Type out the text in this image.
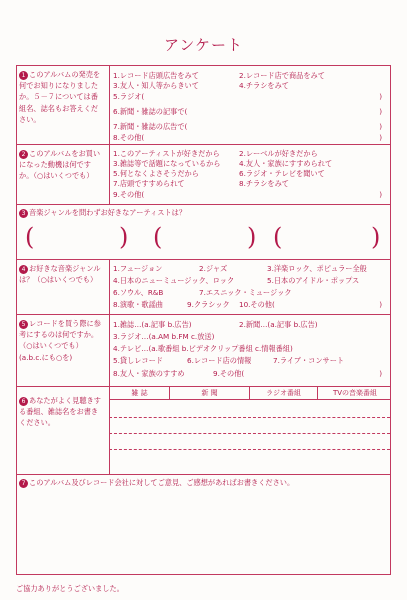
アンケート
1 このアルバムの発売を何でお知りになりましたか。５－７については番組名、誌名もお答えください。
1.レコード店頭広告をみて	2.レコード店で商品をみて
3.友人・知人等からきいて	4.チラシをみて
5.ラジオ(	)
6.新聞・雑誌の記事で(	)
7.新聞・雑誌の広告で(	)
8.その他(	)
2 このアルバムをお買いになった動機は何ですか。（○はいくつでも）
1.このアーティストが好きだから	2.レーベルが好きだから
3.雑誌等で話題になっているから	4.友人・家族にすすめられて
5.何となくよさそうだから	6.ラジオ・テレビを聞いて
7.店頭ですすめられて	8.チラシをみて
9.その他(	)
3 音楽ジャンルを問わずお好きなアーティストは？
(	) (	) (	)
4 お好きな音楽ジャンルは？（○はいくつでも）
1.フュージョン	2.ジャズ	3.洋楽ロック、ポピュラー全般
4.日本のニューミュージック、ロック	5.日本のアイドル・ポップス
6.ソウル、R&B	7.エスニック・ミュージック
8.演歌・歌謡曲	9.クラシック 10.その他(	)
5 レコードを買う際に参考にするのは何ですか。（○はいくつでも）(a.b.c.にも○を)
1.雑誌…(a.記事 b.広告)	2.新聞…(a.記事 b.広告)
3.ラジオ…(a.AM b.FM c.放送)
4.テレビ…(a.歌番組 b.ビデオクリップ番組 c.情報番組)
5.貸しレコード	6.レコード店の情報	7.ライブ・コンサート
8.友人・家族のすすめ	9.その他(	)
6 あなたがよく見聴きする番組、雑誌名をお書きください。
雑 誌	新 聞	ラジオ番組	TVの音楽番組
7 このアルバム及びレコード会社に対してご意見、ご感想があればお書きください。
ご協力ありがとうございました。
